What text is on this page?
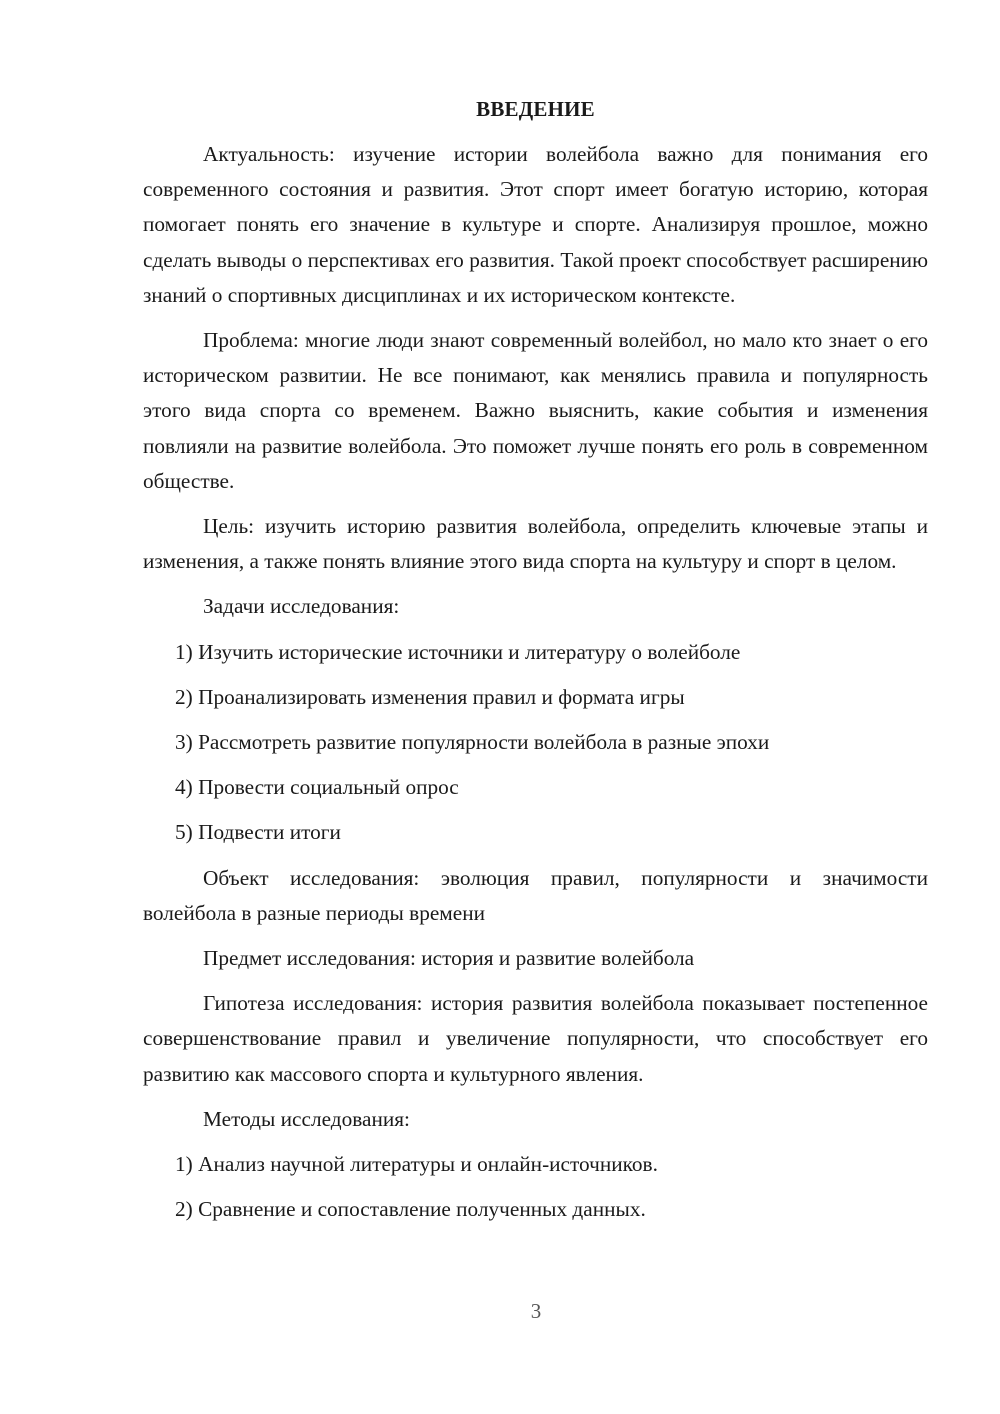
ВВЕДЕНИЕ

Актуальность: изучение истории волейбола важно для понимания его современного состояния и развития. Этот спорт имеет богатую историю, которая помогает понять его значение в культуре и спорте. Анализируя прошлое, можно сделать выводы о перспективах его развития. Такой проект способствует расширению знаний о спортивных дисциплинах и их историческом контексте.

Проблема: многие люди знают современный волейбол, но мало кто знает о его историческом развитии. Не все понимают, как менялись правила и популярность этого вида спорта со временем. Важно выяснить, какие события и изменения повлияли на развитие волейбола. Это поможет лучше понять его роль в современном обществе.

Цель: изучить историю развития волейбола, определить ключевые этапы и изменения, а также понять влияние этого вида спорта на культуру и спорт в целом.

Задачи исследования:

1) Изучить исторические источники и литературу о волейболе
2) Проанализировать изменения правил и формата игры
3) Рассмотреть развитие популярности волейбола в разные эпохи
4) Провести социальный опрос
5) Подвести итоги

Объект исследования: эволюция правил, популярности и значимости волейбола в разные периоды времени

Предмет исследования: история и развитие волейбола

Гипотеза исследования: история развития волейбола показывает постепенное совершенствование правил и увеличение популярности, что способствует его развитию как массового спорта и культурного явления.

Методы исследования:

1) Анализ научной литературы и онлайн-источников.
2) Сравнение и сопоставление полученных данных.
3
